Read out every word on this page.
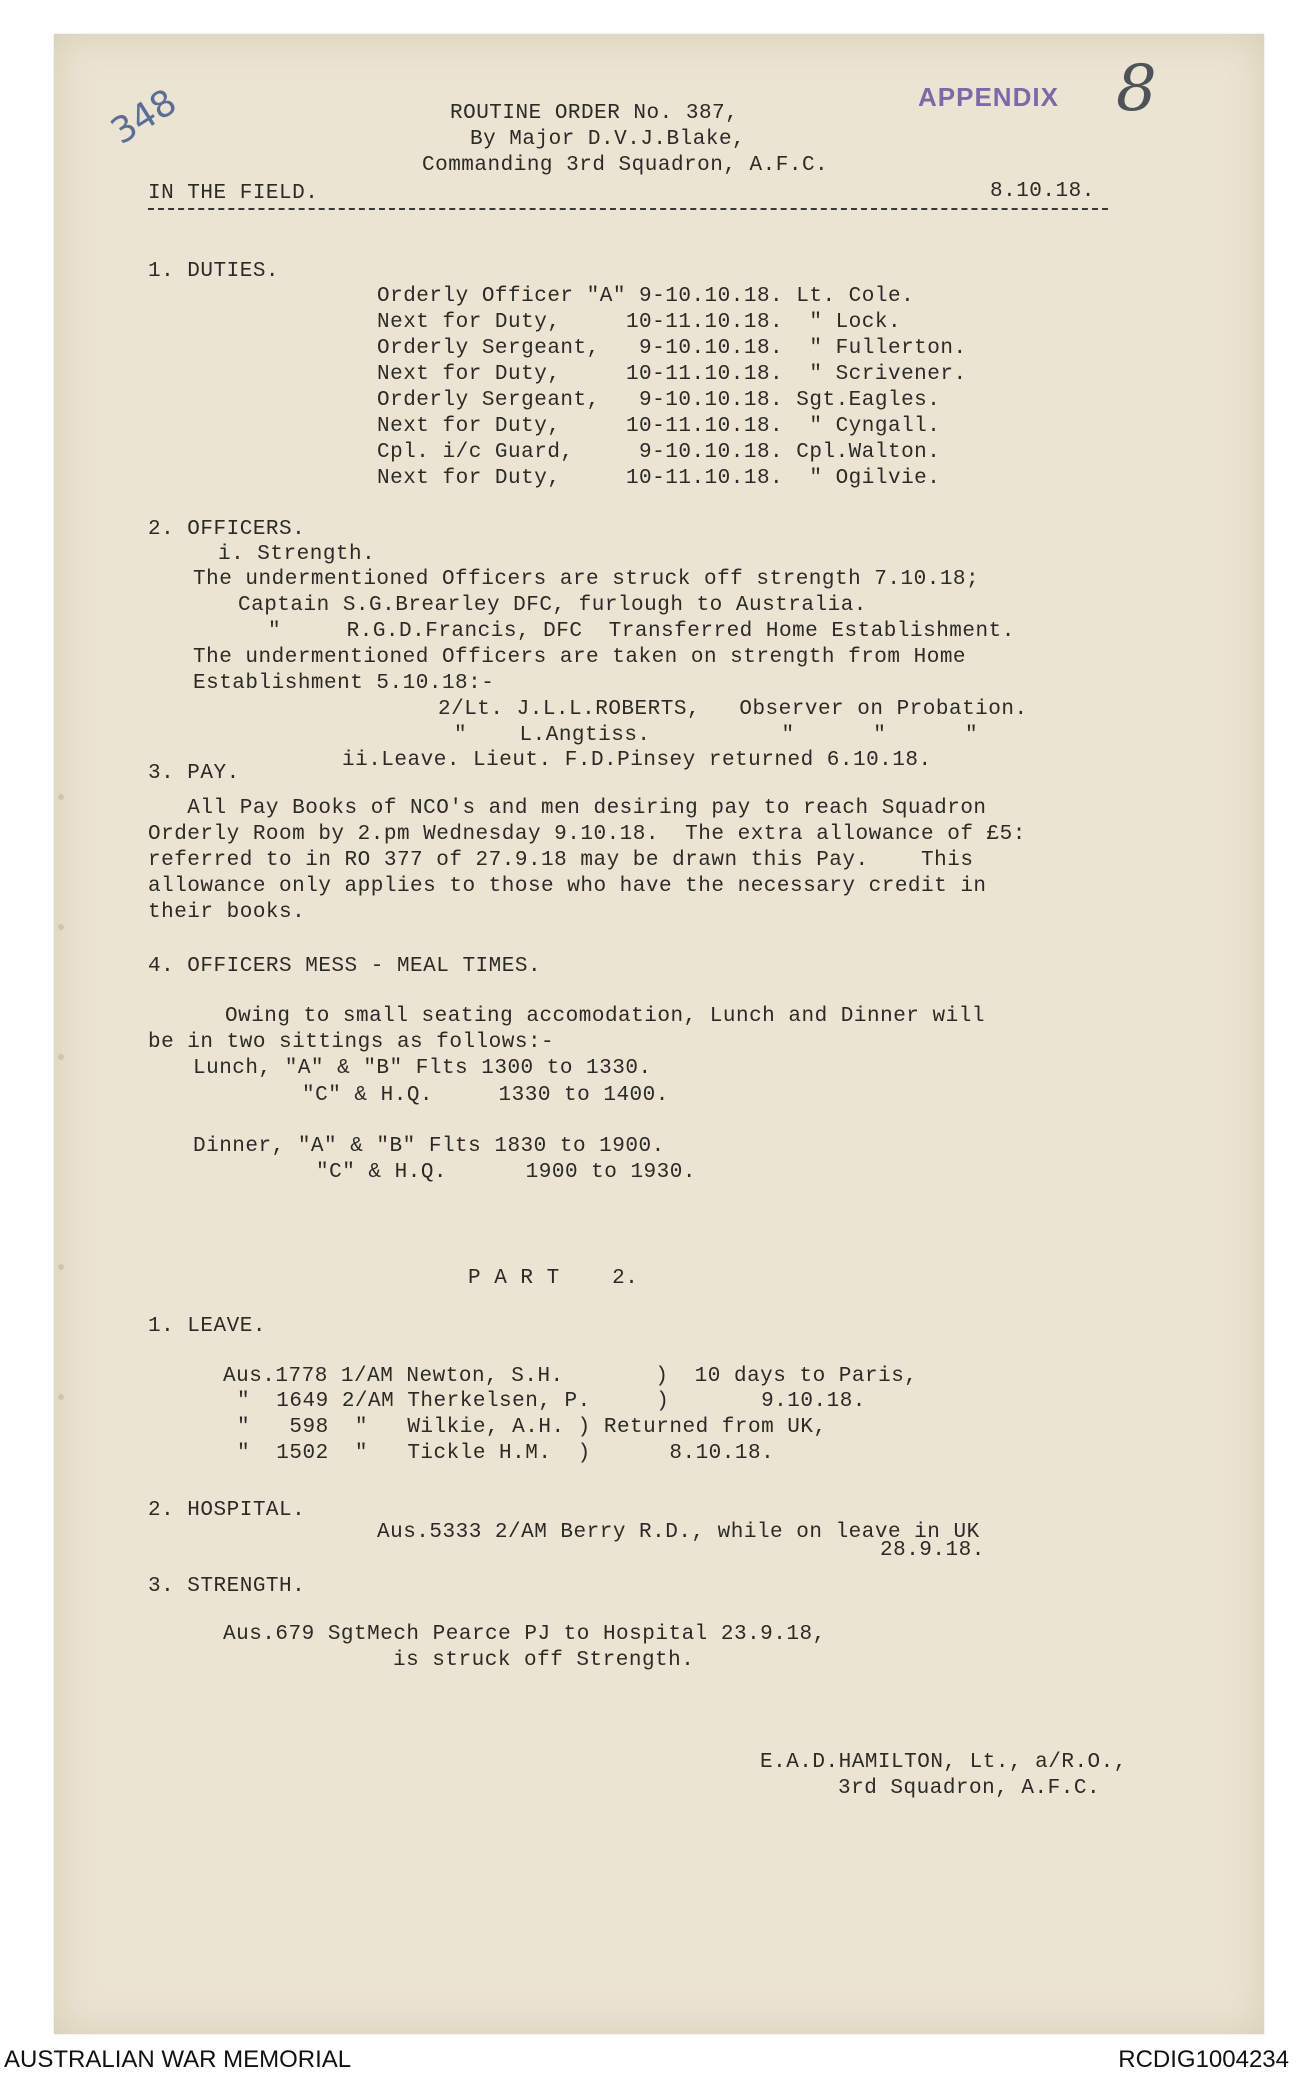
348	APPENDIX 8
ROUTINE ORDER No. 387,
By Major D.V.J.Blake,
Commanding 3rd Squadron, A.F.C.
IN THE FIELD.	8.10.18.
1. DUTIES.
Orderly Officer "A" 9-10.10.18. Lt. Cole.
Next for Duty,     10-11.10.18.  " Lock.
Orderly Sergeant,   9-10.10.18.  " Fullerton.
Next for Duty,     10-11.10.18.  " Scrivener.
Orderly Sergeant,   9-10.10.18. Sgt.Eagles.
Next for Duty,     10-11.10.18.  " Cyngall.
Cpl. i/c Guard,     9-10.10.18. Cpl.Walton.
Next for Duty,     10-11.10.18.  " Ogilvie.
2. OFFICERS.
i. Strength.
The undermentioned Officers are struck off strength 7.10.18;
Captain S.G.Brearley DFC, furlough to Australia.
"     R.G.D.Francis, DFC  Transferred Home Establishment.
The undermentioned Officers are taken on strength from Home
Establishment 5.10.18:-
2/Lt. J.L.L.ROBERTS,   Observer on Probation.
"    L.Angtiss.          "      "      "
ii.Leave. Lieut. F.D.Pinsey returned 6.10.18.
3. PAY.
All Pay Books of NCO's and men desiring pay to reach Squadron
Orderly Room by 2.pm Wednesday 9.10.18.  The extra allowance of £5:
referred to in RO 377 of 27.9.18 may be drawn this Pay.    This
allowance only applies to those who have the necessary credit in
their books.
4. OFFICERS MESS - MEAL TIMES.
Owing to small seating accomodation, Lunch and Dinner will
be in two sittings as follows:-
Lunch, "A" & "B" Flts 1300 to 1330.
"C" & H.Q.     1330 to 1400.
Dinner, "A" & "B" Flts 1830 to 1900.
"C" & H.Q.      1900 to 1930.
P A R T    2.
1. LEAVE.
Aus.1778 1/AM Newton, S.H.       )  10 days to Paris,
"  1649 2/AM Therkelsen, P.     )       9.10.18.
"   598  "   Wilkie, A.H. ) Returned from UK,
"  1502  "   Tickle H.M.  )      8.10.18.
2. HOSPITAL.
Aus.5333 2/AM Berry R.D., while on leave in UK
28.9.18.
3. STRENGTH.
Aus.679 SgtMech Pearce PJ to Hospital 23.9.18,
is struck off Strength.
E.A.D.HAMILTON, Lt., a/R.O.,
3rd Squadron, A.F.C.
AUSTRALIAN WAR MEMORIAL	RCDIG1004234
